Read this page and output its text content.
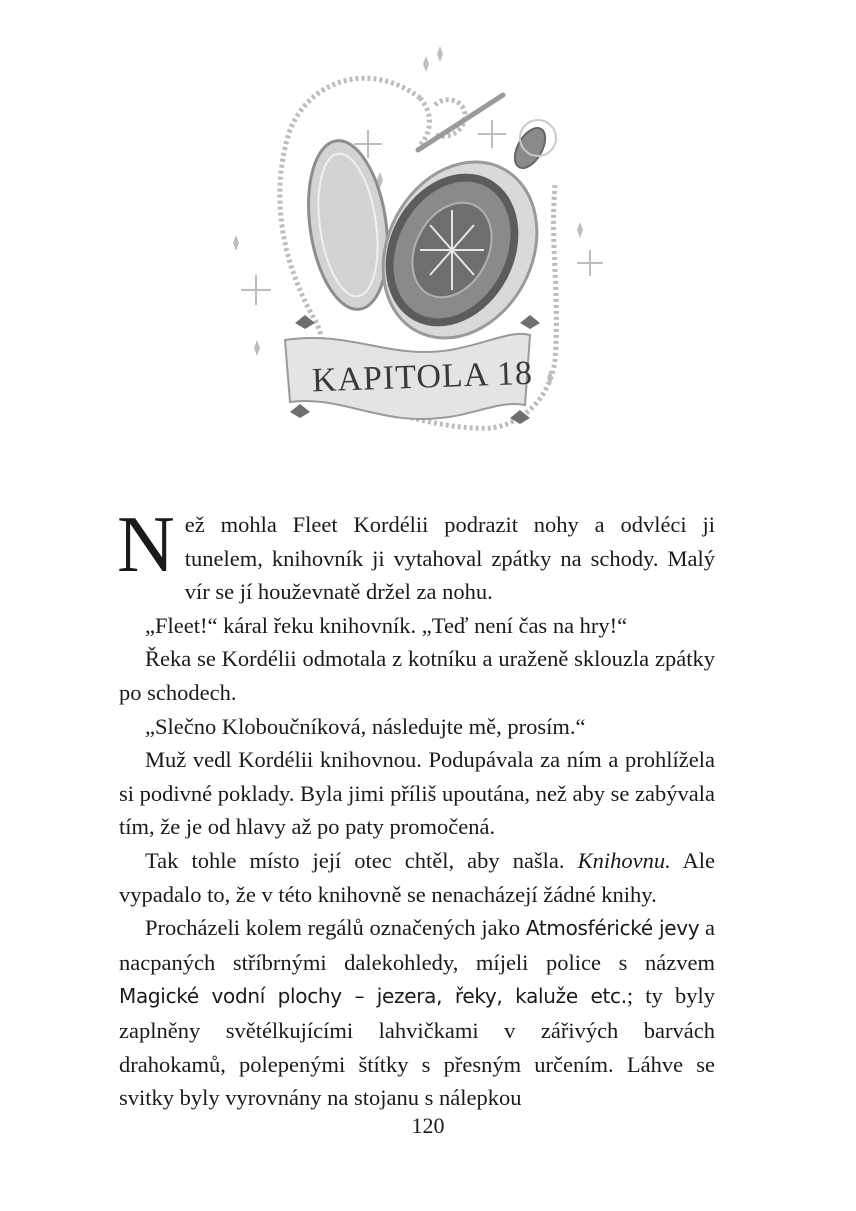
KAPITOLA 18

Než mohla Fleet Kordélii podrazit nohy a odvléci ji tunelem, knihovník ji vytahoval zpátky na schody. Malý vír se jí houževnatě držel za nohu.

„Fleet!“ káral řeku knihovník. „Teď není čas na hry!“

Řeka se Kordélii odmotala z kotníku a uraženě sklouzla zpátky po schodech.

„Slečno Kloboučníková, následujte mě, prosím.“

Muž vedl Kordélii knihovnou. Podupávala za ním a prohlížela si podivné poklady. Byla jimi příliš upoutána, než aby se zabývala tím, že je od hlavy až po paty promočená.

Tak tohle místo její otec chtěl, aby našla. Knihovnu. Ale vypadalo to, že v této knihovně se nenacházejí žádné knihy.

Procházeli kolem regálů označených jako Atmosférické jevy a nacpaných stříbrnými dalekohledy, míjeli police s názvem Magické vodní plochy – jezera, řeky, kaluže etc.; ty byly zaplněny světélkujícími lahvičkami v zářivých barvách drahokamů, polepenými štítky s přesným určením. Láhve se svitky byly vyrovnány na stojanu s nálepkou

120
